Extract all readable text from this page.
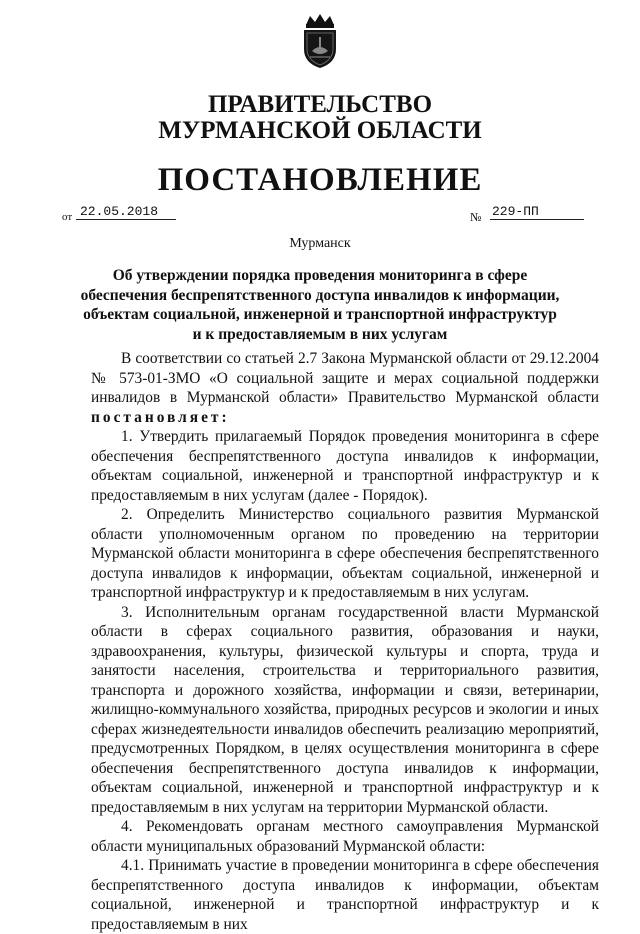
ПРАВИТЕЛЬСТВО
МУРМАНСКОЙ ОБЛАСТИ
ПОСТАНОВЛЕНИЕ
от 22.05.2018	№ 229-ПП
Мурманск
Об утверждении порядка проведения мониторинга в сфере
обеспечения беспрепятственного доступа инвалидов к информации,
объектам социальной, инженерной и транспортной инфраструктур
и к предоставляемым в них услугам

В соответствии со статьей 2.7 Закона Мурманской области от 29.12.2004 № 573-01-ЗМО «О социальной защите и мерах социальной поддержки инвалидов в Мурманской области» Правительство Мурманской области постановляет:

1. Утвердить прилагаемый Порядок проведения мониторинга в сфере обеспечения беспрепятственного доступа инвалидов к информации, объектам социальной, инженерной и транспортной инфраструктур и к предоставляемым в них услугам (далее - Порядок).

2. Определить Министерство социального развития Мурманской области уполномоченным органом по проведению на территории Мурманской области мониторинга в сфере обеспечения беспрепятственного доступа инвалидов к информации, объектам социальной, инженерной и транспортной инфраструктур и к предоставляемым в них услугам.

3. Исполнительным органам государственной власти Мурманской области в сферах социального развития, образования и науки, здравоохранения, культуры, физической культуры и спорта, труда и занятости населения, строительства и территориального развития, транспорта и дорожного хозяйства, информации и связи, ветеринарии, жилищно-коммунального хозяйства, природных ресурсов и экологии и иных сферах жизнедеятельности инвалидов обеспечить реализацию мероприятий, предусмотренных Порядком, в целях осуществления мониторинга в сфере обеспечения беспрепятственного доступа инвалидов к информации, объектам социальной, инженерной и транспортной инфраструктур и к предоставляемым в них услугам на территории Мурманской области.

4. Рекомендовать органам местного самоуправления Мурманской области муниципальных образований Мурманской области:

4.1. Принимать участие в проведении мониторинга в сфере обеспечения беспрепятственного доступа инвалидов к информации, объектам социальной, инженерной и транспортной инфраструктур и к предоставляемым в них
